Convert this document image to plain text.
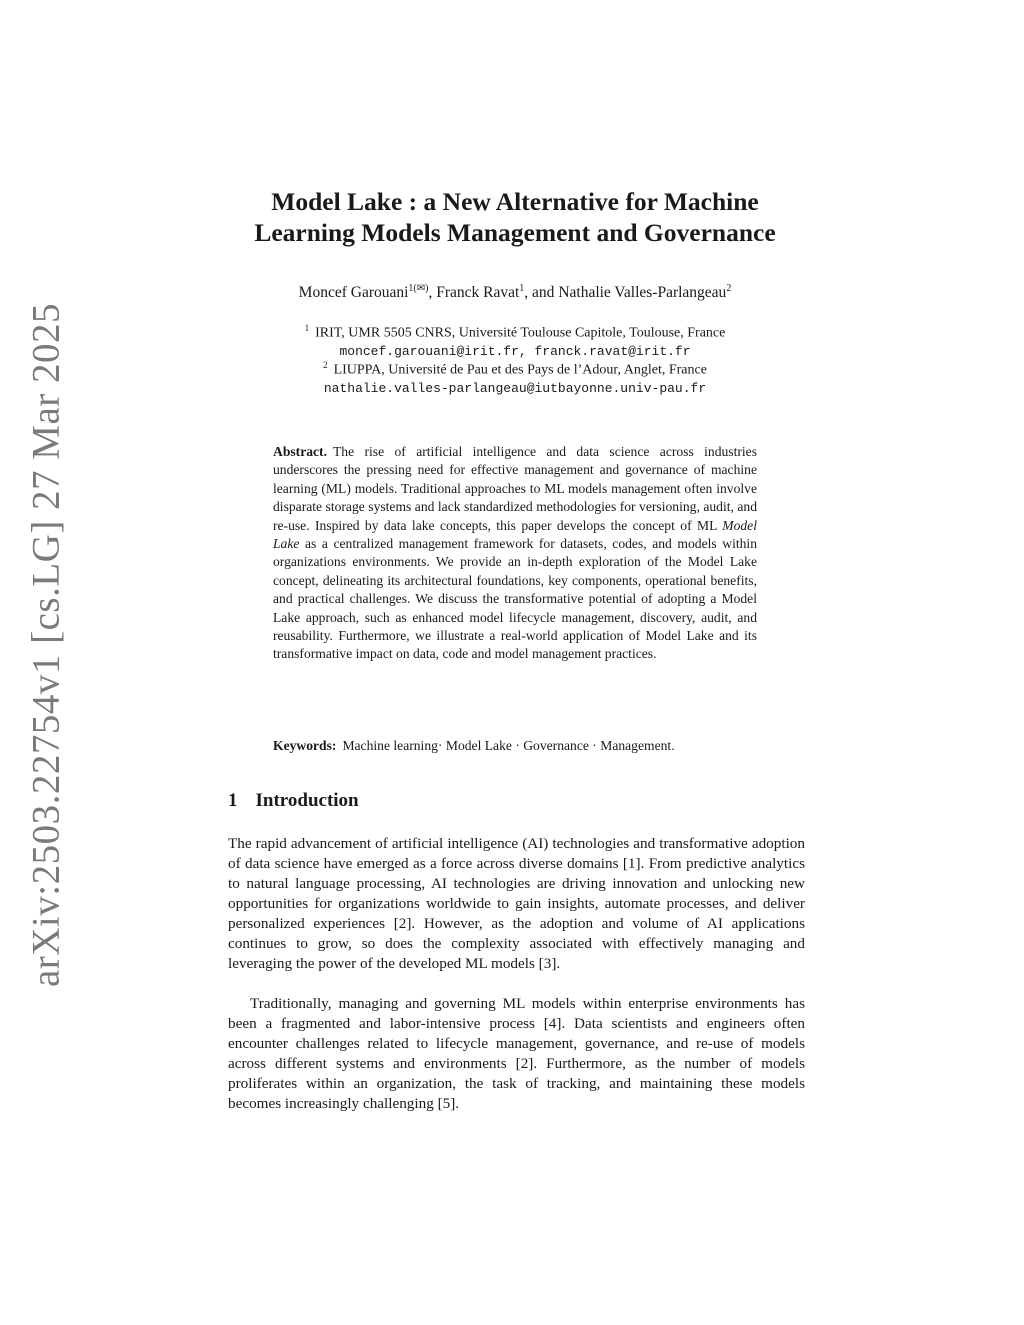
arXiv:2503.22754v1 [cs.LG] 27 Mar 2025
Model Lake : a New Alternative for Machine
Learning Models Management and Governance
Moncef Garouani$^{1(✉)}$, Franck Ravat$^1$, and Nathalie Valles-Parlangeau$^2$
$^1$ IRIT, UMR 5505 CNRS, Université Toulouse Capitole, Toulouse, France
moncef.garouani@irit.fr, franck.ravat@irit.fr
$^2$ LIUPPA, Université de Pau et des Pays de l’Adour, Anglet, France
nathalie.valles-parlangeau@iutbayonne.univ-pau.fr
Abstract. The rise of artificial intelligence and data science across industries underscores the pressing need for effective management and governance of machine learning (ML) models. Traditional approaches to ML models management often involve disparate storage systems and lack standardized methodologies for versioning, audit, and re-use. Inspired by data lake concepts, this paper develops the concept of ML Model Lake as a centralized management framework for datasets, codes, and models within organizations environments. We provide an in-depth exploration of the Model Lake concept, delineating its architectural foundations, key components, operational benefits, and practical challenges. We discuss the transformative potential of adopting a Model Lake approach, such as enhanced model lifecycle management, discovery, audit, and reusability. Furthermore, we illustrate a real-world application of Model Lake and its transformative impact on data, code and model management practices.
Keywords: Machine learning· Model Lake · Governance · Management.
1 Introduction

The rapid advancement of artificial intelligence (AI) technologies and transformative adoption of data science have emerged as a force across diverse domains [1]. From predictive analytics to natural language processing, AI technologies are driving innovation and unlocking new opportunities for organizations worldwide to gain insights, automate processes, and deliver personalized experiences [2]. However, as the adoption and volume of AI applications continues to grow, so does the complexity associated with effectively managing and leveraging the power of the developed ML models [3].

Traditionally, managing and governing ML models within enterprise environments has been a fragmented and labor-intensive process [4]. Data scientists and engineers often encounter challenges related to lifecycle management, governance, and re-use of models across different systems and environments [2]. Furthermore, as the number of models proliferates within an organization, the task of tracking, and maintaining these models becomes increasingly challenging [5].
